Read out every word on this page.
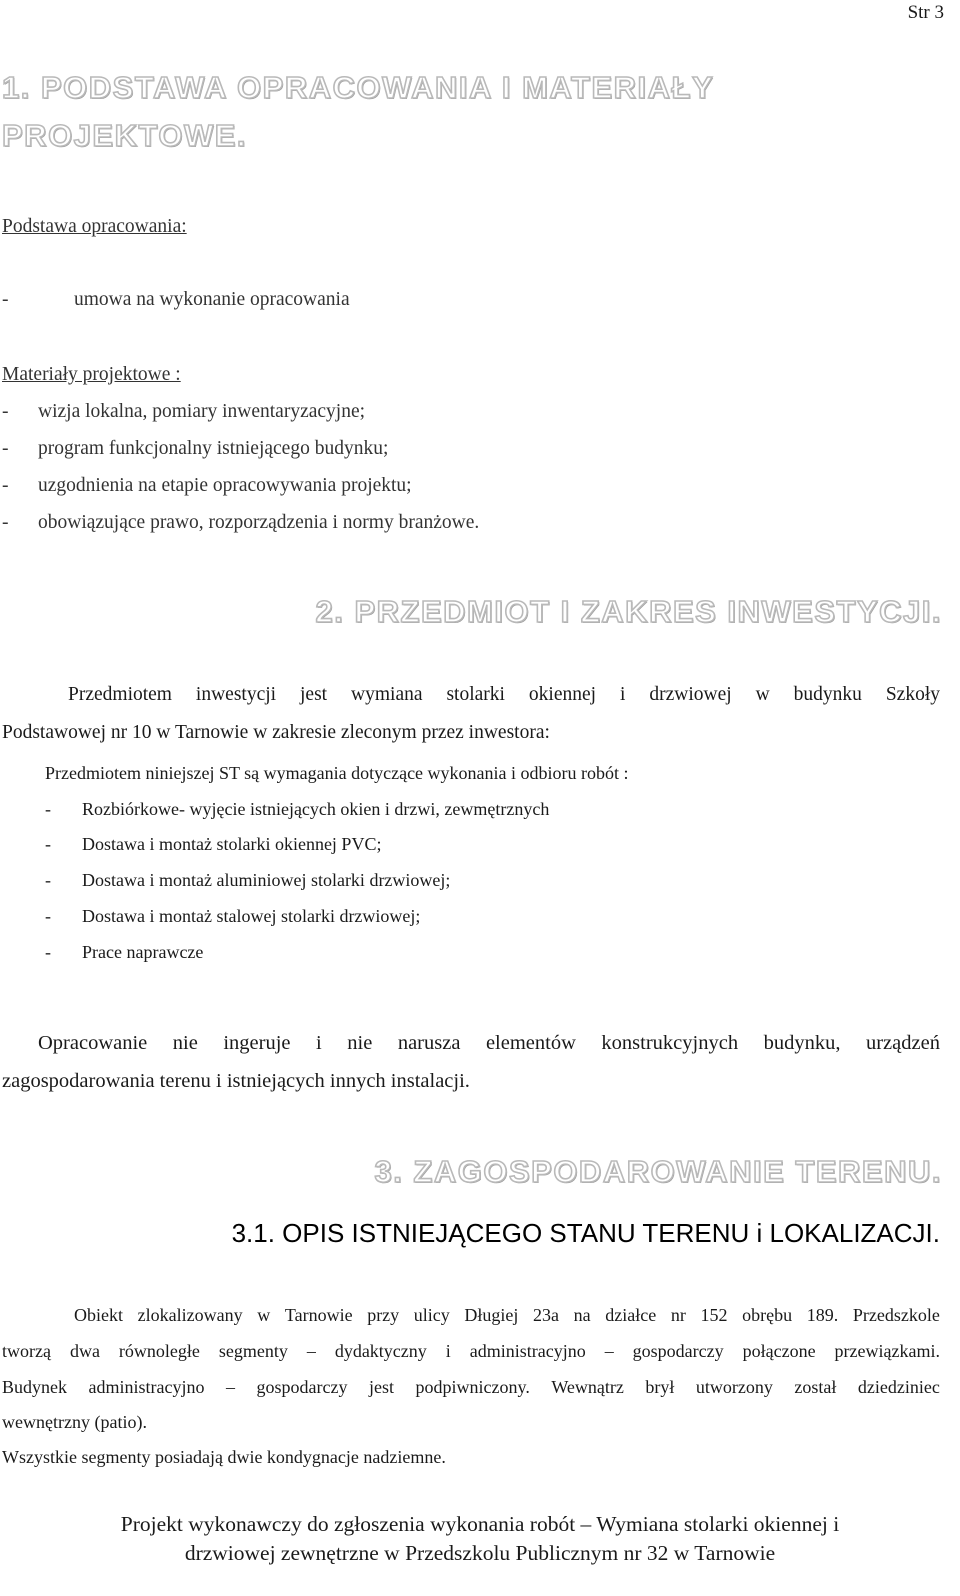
Str 3
1. PODSTAWA OPRACOWANIA I MATERIAŁY
PROJEKTOWE.
Podstawa opracowania:
-	umowa na wykonanie opracowania
Materiały projektowe :
- wizja lokalna, pomiary inwentaryzacyjne;
- program funkcjonalny istniejącego budynku;
- uzgodnienia na etapie opracowywania projektu;
- obowiązujące prawo, rozporządzenia i normy branżowe.
2. PRZEDMIOT I ZAKRES INWESTYCJI.
Przedmiotem inwestycji jest wymiana stolarki okiennej i drzwiowej w budynku Szkoły
Podstawowej nr 10 w Tarnowie w zakresie zleconym przez inwestora:
Przedmiotem niniejszej ST są wymagania dotyczące wykonania i odbioru robót :
- Rozbiórkowe- wyjęcie istniejących okien i drzwi, zewmętrznych
- Dostawa i montaż stolarki okiennej PVC;
- Dostawa i montaż aluminiowej stolarki drzwiowej;
- Dostawa i montaż stalowej stolarki drzwiowej;
- Prace naprawcze
Opracowanie nie ingeruje i nie narusza elementów konstrukcyjnych budynku, urządzeń
zagospodarowania terenu i istniejących innych instalacji.
3. ZAGOSPODAROWANIE TERENU.
3.1. OPIS ISTNIEJĄCEGO STANU TERENU i LOKALIZACJI.
Obiekt zlokalizowany w Tarnowie przy ulicy Długiej 23a na działce nr 152 obrębu 189. Przedszkole
tworzą dwa równoległe segmenty – dydaktyczny i administracyjno – gospodarczy połączone przewiązkami.
Budynek administracyjno – gospodarczy jest podpiwniczony. Wewnątrz brył utworzony został dziedziniec
wewnętrzny (patio).
Wszystkie segmenty posiadają dwie kondygnacje nadziemne.
Projekt wykonawczy do zgłoszenia wykonania robót – Wymiana stolarki okiennej i
drzwiowej zewnętrzne w Przedszkolu Publicznym nr 32 w Tarnowie
